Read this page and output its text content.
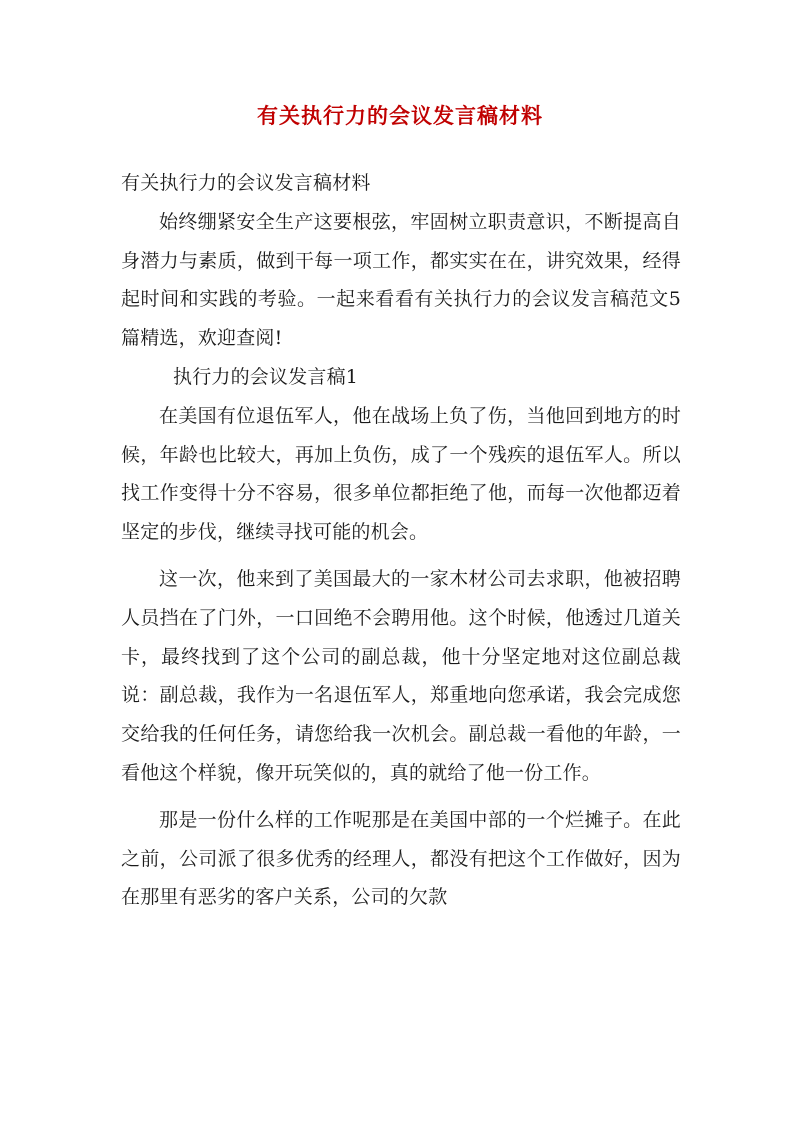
有关执行力的会议发言稿材料

有关执行力的会议发言稿材料

始终绷紧安全生产这要根弦，牢固树立职责意识，不断提高自身潜力与素质，做到干每一项工作，都实实在在，讲究效果，经得起时间和实践的考验。一起来看看有关执行力的会议发言稿范文5篇精选，欢迎查阅!

执行力的会议发言稿1

在美国有位退伍军人，他在战场上负了伤，当他回到地方的时候，年龄也比较大，再加上负伤，成了一个残疾的退伍军人。所以找工作变得十分不容易，很多单位都拒绝了他，而每一次他都迈着坚定的步伐，继续寻找可能的机会。

这一次，他来到了美国最大的一家木材公司去求职，他被招聘人员挡在了门外，一口回绝不会聘用他。这个时候，他透过几道关卡，最终找到了这个公司的副总裁，他十分坚定地对这位副总裁说：副总裁，我作为一名退伍军人，郑重地向您承诺，我会完成您交给我的任何任务，请您给我一次机会。副总裁一看他的年龄，一看他这个样貌，像开玩笑似的，真的就给了他一份工作。

那是一份什么样的工作呢那是在美国中部的一个烂摊子。在此之前，公司派了很多优秀的经理人，都没有把这个工作做好，因为在那里有恶劣的客户关系，公司的欠款
